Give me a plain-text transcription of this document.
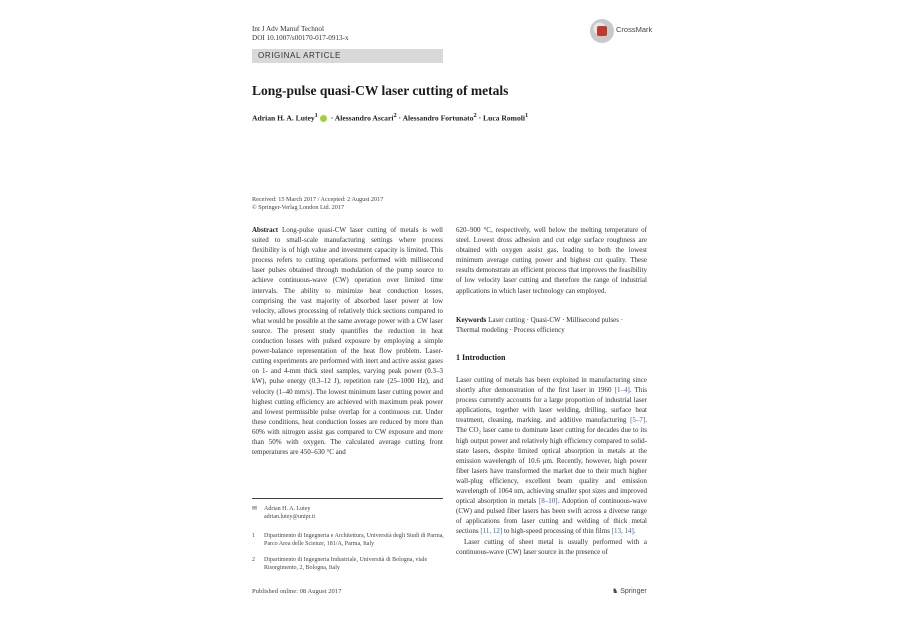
Int J Adv Manuf Technol
DOI 10.1007/s00170-017-0913-x
CrossMark
ORIGINAL ARTICLE
Long-pulse quasi-CW laser cutting of metals
Adrian H. A. Lutey$^1$ · Alessandro Ascari$^2$ · Alessandro Fortunato$^2$ · Luca Romoli$^1$
Received: 15 March 2017 / Accepted: 2 August 2017
© Springer-Verlag London Ltd. 2017
Abstract Long-pulse quasi-CW laser cutting of metals is well suited to small-scale manufacturing settings where process flexibility is of high value and investment capacity is limited. This process refers to cutting operations performed with millisecond laser pulses obtained through modulation of the pump source to achieve continuous-wave (CW) operation over limited time intervals. The ability to minimize heat conduction losses, comprising the vast majority of absorbed laser power at low velocity, allows processing of relatively thick sections compared to what would be possible at the same average power with a CW laser source. The present study quantifies the reduction in heat conduction losses with pulsed exposure by employing a simple power-balance representation of the heat flow problem. Laser-cutting experiments are performed with inert and active assist gases on 1- and 4-mm thick steel samples, varying peak power (0.3–3 kW), pulse energy (0.3–12 J), repetition rate (25–1000 Hz), and velocity (1–40 mm/s). The lowest minimum laser cutting power and highest cutting efficiency are achieved with maximum peak power and lowest permissible pulse overlap for a continuous cut. Under these conditions, heat conduction losses are reduced by more than 60% with nitrogen assist gas compared to CW exposure and more than 50% with oxygen. The calculated average cutting front temperatures are 450–630 °C and
620–900 °C, respectively, well below the melting temperature of steel. Lowest dross adhesion and cut edge surface roughness are obtained with oxygen assist gas, leading to both the lowest minimum average cutting power and highest cut quality. These results demonstrate an efficient process that improves the feasibility of low velocity laser cutting and therefore the range of industrial applications in which laser technology can employed.
Keywords Laser cutting · Quasi-CW · Millisecond pulses · Thermal modeling · Process efficiency
1 Introduction
Laser cutting of metals has been exploited in manufacturing since shortly after demonstration of the first laser in 1960 [1–4]. This process currently accounts for a large proportion of industrial laser applications, together with laser welding, drilling, surface heat treatment, cleaning, marking, and additive manufacturing [5–7]. The CO₂ laser came to dominate laser cutting for decades due to its high output power and relatively high efficiency compared to solid-state lasers, despite limited optical absorption in metals at the emission wavelength of 10.6 μm. Recently, however, high power fiber lasers have transformed the market due to their much higher wall-plug efficiency, excellent beam quality and emission wavelength of 1064 nm, achieving smaller spot sizes and improved optical absorption in metals [8–10]. Adoption of continuous-wave (CW) and pulsed fiber lasers has been swift across a diverse range of applications from laser cutting and welding of thick metal sections [11, 12] to high-speed processing of thin films [13, 14].
Laser cutting of sheet metal is usually performed with a continuous-wave (CW) laser source in the presence of
✉ Adrian H. A. Lutey
adrian.lutey@unipr.it
1 Dipartimento di Ingegneria e Architettura, Università degli Studi di Parma, Parco Area delle Scienze, 181/A, Parma, Italy
2 Dipartimento di Ingegneria Industriale, Università di Bologna, viale Risorgimento, 2, Bologna, Italy
Published online: 08 August 2017	♞ Springer
